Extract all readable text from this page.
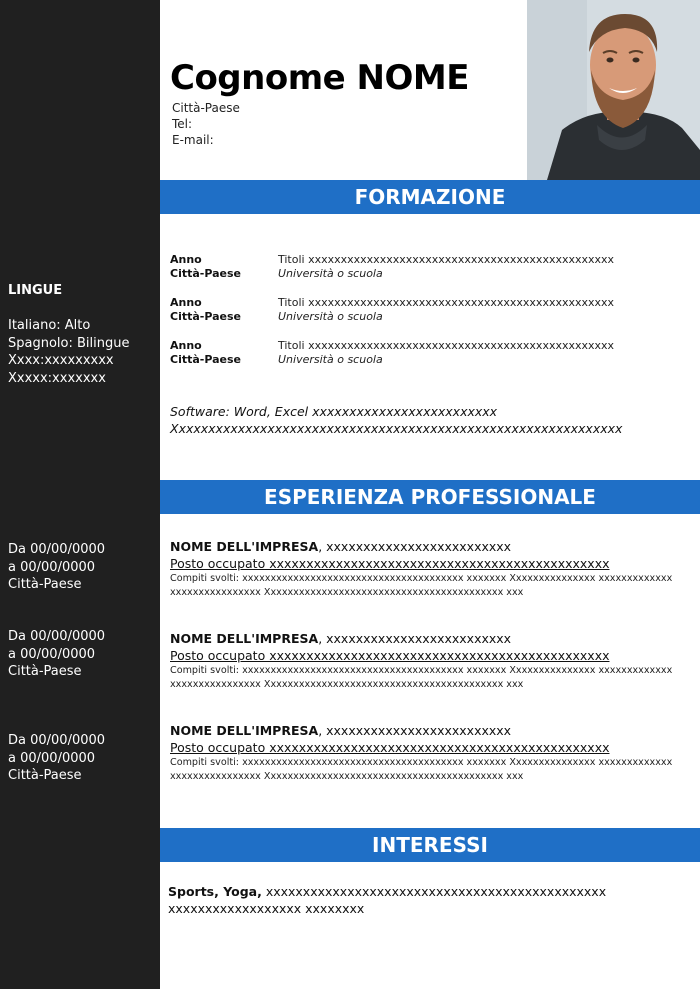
Cognome NOME
Città-Paese
Tel:
E-mail:
FORMAZIONE
Anno
Città-Paese
Titoli xxxxxxxxxxxxxxxxxxxxxxxxxxxxxxxxxxxxxxxxxxxxxxx
Università o scuola
Anno
Città-Paese
Titoli xxxxxxxxxxxxxxxxxxxxxxxxxxxxxxxxxxxxxxxxxxxxxxx
Università o scuola
Anno
Città-Paese
Titoli xxxxxxxxxxxxxxxxxxxxxxxxxxxxxxxxxxxxxxxxxxxxxxx
Università o scuola
Software: Word, Excel xxxxxxxxxxxxxxxxxxxxxxxxx
Xxxxxxxxxxxxxxxxxxxxxxxxxxxxxxxxxxxxxxxxxxxxxxxxxxxxxxxxxxxxx
LINGUE
Italiano: Alto
Spagnolo: Bilingue
Xxxx:xxxxxxxxx
Xxxxx:xxxxxxx
ESPERIENZA PROFESSIONALE
Da 00/00/0000
a 00/00/0000
Città-Paese
NOME DELL'IMPRESA, xxxxxxxxxxxxxxxxxxxxxxxxx
Posto occupato xxxxxxxxxxxxxxxxxxxxxxxxxxxxxxxxxxxxxxxxxxxxxx
Compiti svolti: xxxxxxxxxxxxxxxxxxxxxxxxxxxxxxxxxxxxxxx xxxxxxx Xxxxxxxxxxxxxxx xxxxxxxxxxxxx xxxxxxxxxxxxxxxx Xxxxxxxxxxxxxxxxxxxxxxxxxxxxxxxxxxxxxxxxxx xxx
Da 00/00/0000
a 00/00/0000
Città-Paese
NOME DELL'IMPRESA, xxxxxxxxxxxxxxxxxxxxxxxxx
Posto occupato xxxxxxxxxxxxxxxxxxxxxxxxxxxxxxxxxxxxxxxxxxxxxx
Compiti svolti: xxxxxxxxxxxxxxxxxxxxxxxxxxxxxxxxxxxxxxx xxxxxxx Xxxxxxxxxxxxxxx xxxxxxxxxxxxx xxxxxxxxxxxxxxxx Xxxxxxxxxxxxxxxxxxxxxxxxxxxxxxxxxxxxxxxxxx xxx
Da 00/00/0000
a 00/00/0000
Città-Paese
NOME DELL'IMPRESA, xxxxxxxxxxxxxxxxxxxxxxxxx
Posto occupato xxxxxxxxxxxxxxxxxxxxxxxxxxxxxxxxxxxxxxxxxxxxxx
Compiti svolti: xxxxxxxxxxxxxxxxxxxxxxxxxxxxxxxxxxxxxxx xxxxxxx Xxxxxxxxxxxxxxx xxxxxxxxxxxxx xxxxxxxxxxxxxxxx Xxxxxxxxxxxxxxxxxxxxxxxxxxxxxxxxxxxxxxxxxx xxx
INTERESSI
Sports, Yoga, xxxxxxxxxxxxxxxxxxxxxxxxxxxxxxxxxxxxxxxxxxxxxx xxxxxxxxxxxxxxxxxx xxxxxxxx
